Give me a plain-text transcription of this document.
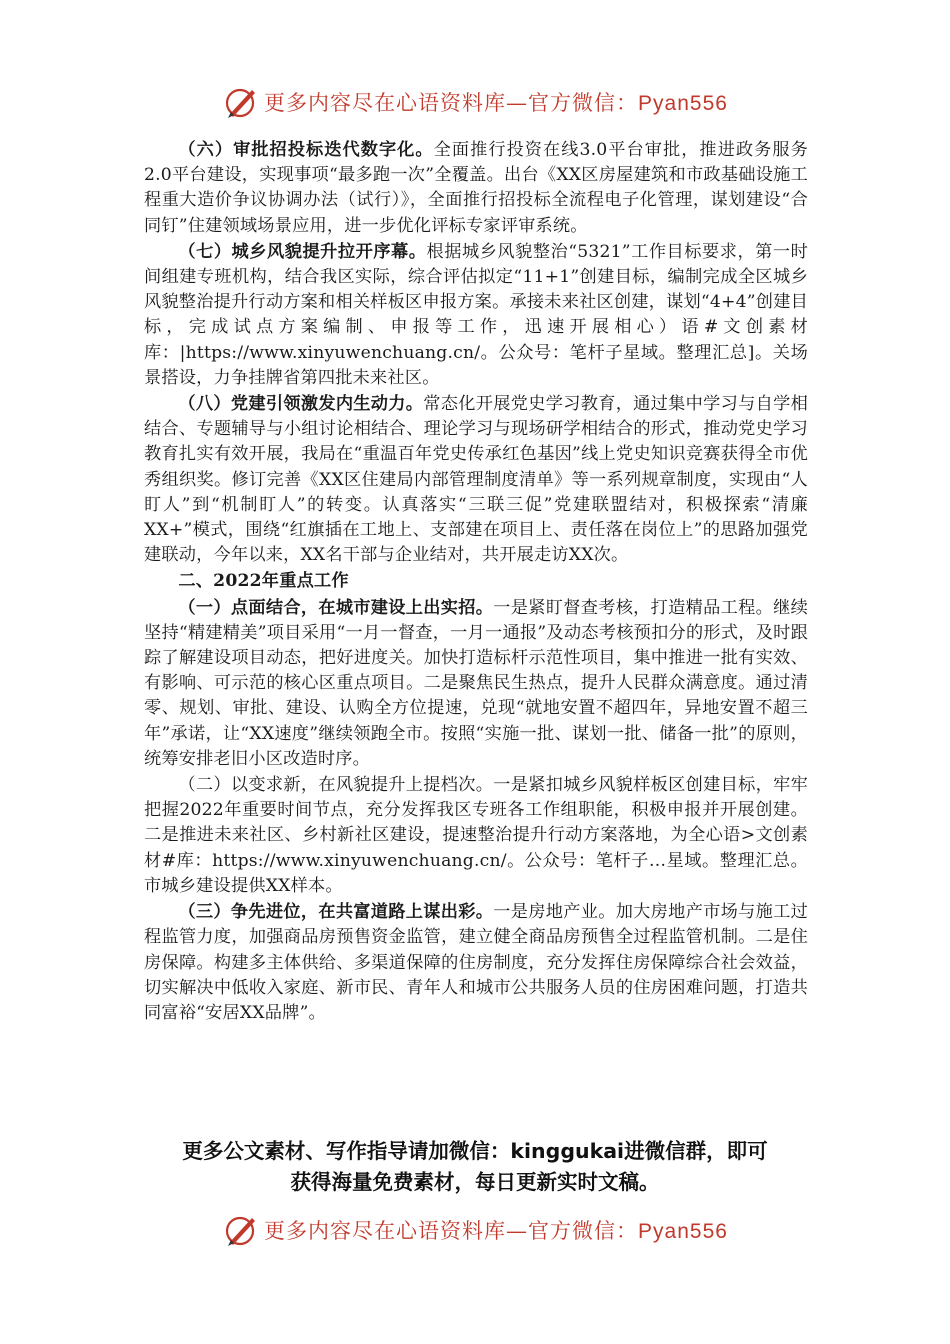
更多内容尽在心语资料库—官方微信：Pyan556

（六）审批招投标迭代数字化。全面推行投资在线3.0平台审批，推进政务服务2.0平台建设，实现事项“最多跑一次”全覆盖。出台《XX区房屋建筑和市政基础设施工程重大造价争议协调办法（试行）》，全面推行招投标全流程电子化管理，谋划建设“合同钉”住建领域场景应用，进一步优化评标专家评审系统。

（七）城乡风貌提升拉开序幕。根据城乡风貌整治“5321”工作目标要求，第一时间组建专班机构，结合我区实际，综合评估拟定“11+1”创建目标，编制完成全区城乡风貌整治提升行动方案和相关样板区申报方案。承接未来社区创建，谋划“4+4”创建目标，完成试点方案编制、申报等工作，迅速开展相心）语#文创素材库：|https://www.xinyuwenchuang.cn/。公众号：笔杆子星域。整理汇总]。关场景搭设，力争挂牌省第四批未来社区。

（八）党建引领激发内生动力。常态化开展党史学习教育，通过集中学习与自学相结合、专题辅导与小组讨论相结合、理论学习与现场研学相结合的形式，推动党史学习教育扎实有效开展，我局在“重温百年党史传承红色基因”线上党史知识竞赛获得全市优秀组织奖。修订完善《XX区住建局内部管理制度清单》等一系列规章制度，实现由“人盯人”到“机制盯人”的转变。认真落实“三联三促”党建联盟结对，积极探索“清廉XX+”模式，围绕“红旗插在工地上、支部建在项目上、责任落在岗位上”的思路加强党建联动，今年以来，XX名干部与企业结对，共开展走访XX次。

二、2022年重点工作

（一）点面结合，在城市建设上出实招。一是紧盯督查考核，打造精品工程。继续坚持“精建精美”项目采用“一月一督查，一月一通报”及动态考核预扣分的形式，及时跟踪了解建设项目动态，把好进度关。加快打造标杆示范性项目，集中推进一批有实效、有影响、可示范的核心区重点项目。二是聚焦民生热点，提升人民群众满意度。通过清零、规划、审批、建设、认购全方位提速，兑现“就地安置不超四年，异地安置不超三年”承诺，让“XX速度”继续领跑全市。按照“实施一批、谋划一批、储备一批”的原则，统筹安排老旧小区改造时序。

（二）以变求新，在风貌提升上提档次。一是紧扣城乡风貌样板区创建目标，牢牢把握2022年重要时间节点，充分发挥我区专班各工作组职能，积极申报并开展创建。二是推进未来社区、乡村新社区建设，提速整治提升行动方案落地，为全心语>文创素材#库：https://www.xinyuwenchuang.cn/。公众号：笔杆子…星域。整理汇总。市城乡建设提供XX样本。

（三）争先进位，在共富道路上谋出彩。一是房地产业。加大房地产市场与施工过程监管力度，加强商品房预售资金监管，建立健全商品房预售全过程监管机制。二是住房保障。构建多主体供给、多渠道保障的住房制度，充分发挥住房保障综合社会效益，切实解决中低收入家庭、新市民、青年人和城市公共服务人员的住房困难问题，打造共同富裕“安居XX品牌”。

更多公文素材、写作指导请加微信：kinggukai进微信群，即可
获得海量免费素材，每日更新实时文稿。
更多内容尽在心语资料库—官方微信：Pyan556
